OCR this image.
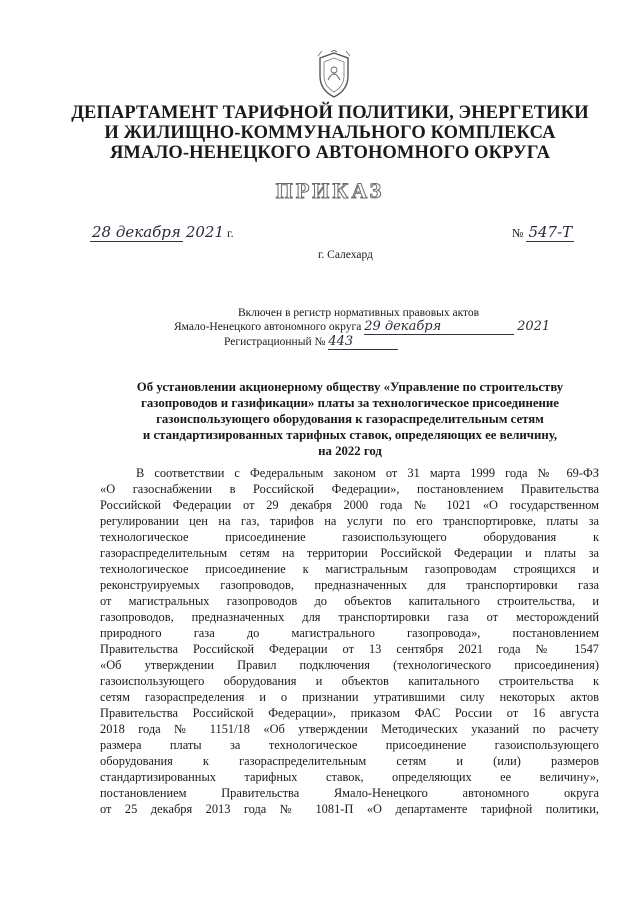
ДЕПАРТАМЕНТ ТАРИФНОЙ ПОЛИТИКИ, ЭНЕРГЕТИКИ
И ЖИЛИЩНО-КОММУНАЛЬНОГО КОМПЛЕКСА
ЯМАЛО-НЕНЕЦКОГО АВТОНОМНОГО ОКРУГА
ПРИКАЗ
28 декабря 2021 г.	№ 547-Т
г. Салехард
Включен в регистр нормативных правовых актов
Ямало-Ненецкого автономного округа 29 декабря	2021
Регистрационный № 443
Об установлении акционерному обществу «Управление по строительству
газопроводов и газификации» платы за технологическое присоединение
газоиспользующего оборудования к газораспределительным сетям
и стандартизированных тарифных ставок, определяющих ее величину,
на 2022 год
В соответствии с Федеральным законом от 31 марта 1999 года № 69-ФЗ
«О газоснабжении в Российской Федерации», постановлением Правительства
Российской Федерации от 29 декабря 2000 года № 1021 «О государственном
регулировании цен на газ, тарифов на услуги по его транспортировке, платы за
технологическое присоединение газоиспользующего оборудования к
газораспределительным сетям на территории Российской Федерации и платы за
технологическое присоединение к магистральным газопроводам строящихся и
реконструируемых газопроводов, предназначенных для транспортировки газа
от магистральных газопроводов до объектов капитального строительства, и
газопроводов, предназначенных для транспортировки газа от месторождений
природного газа до магистрального газопровода», постановлением
Правительства Российской Федерации от 13 сентября 2021 года № 1547
«Об утверждении Правил подключения (технологического присоединения)
газоиспользующего оборудования и объектов капитального строительства к
сетям газораспределения и о признании утратившими силу некоторых актов
Правительства Российской Федерации», приказом ФАС России от 16 августа
2018 года № 1151/18 «Об утверждении Методических указаний по расчету
размера платы за технологическое присоединение газоиспользующего
оборудования к газораспределительным сетям и (или) размеров
стандартизированных тарифных ставок, определяющих ее величину»,
постановлением Правительства Ямало-Ненецкого автономного округа
от 25 декабря 2013 года № 1081-П «О департаменте тарифной политики,
